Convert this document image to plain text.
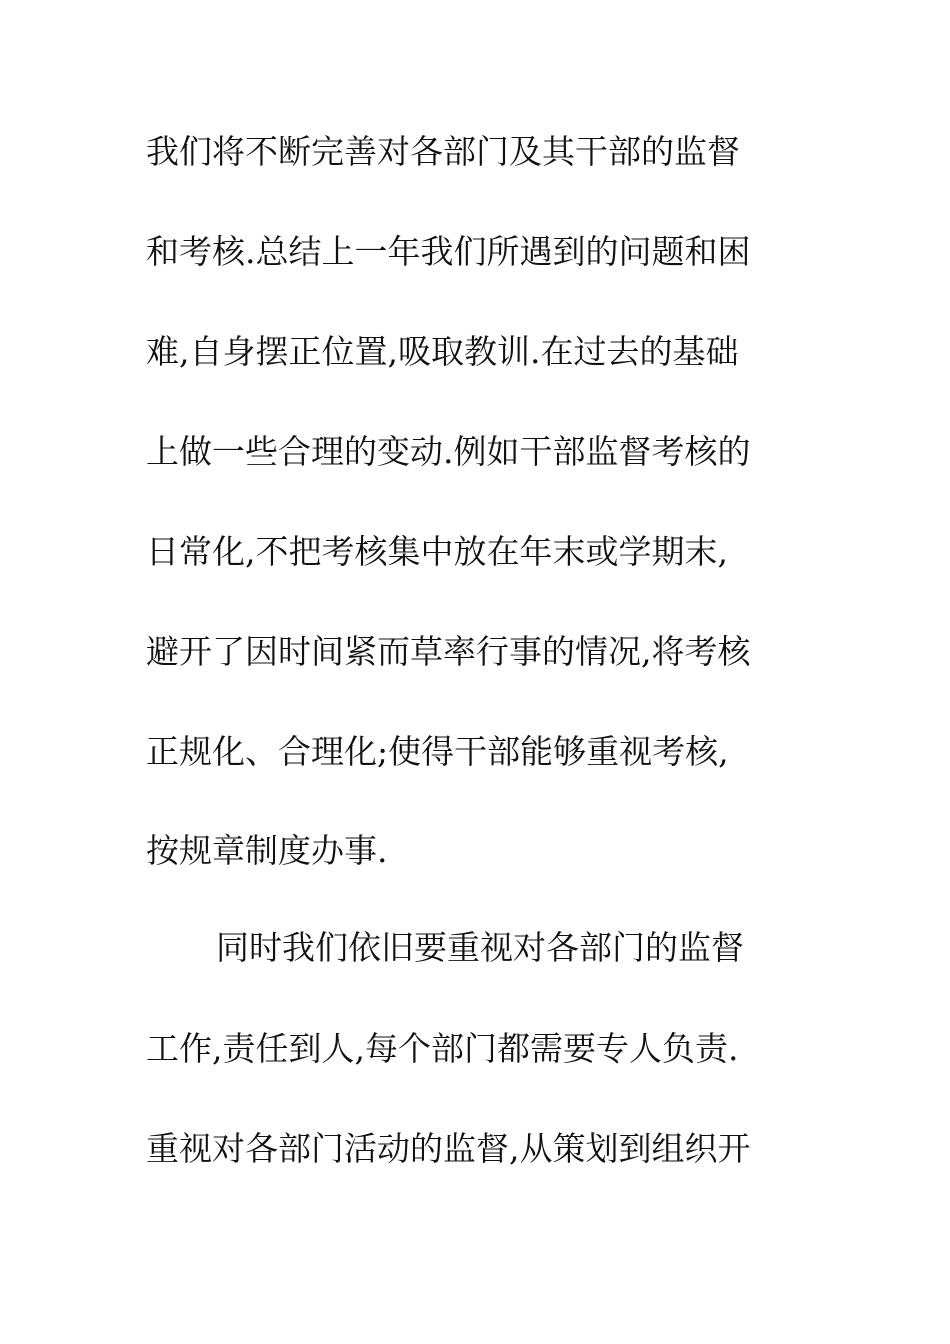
我们将不断完善对各部门及其干部的监督
和考核.总结上一年我们所遇到的问题和困
难,自身摆正位置,吸取教训.在过去的基础
上做一些合理的变动.例如干部监督考核的
日常化,不把考核集中放在年末或学期末,
避开了因时间紧而草率行事的情况,将考核
正规化、合理化;使得干部能够重视考核,
按规章制度办事.
同时我们依旧要重视对各部门的监督
工作,责任到人,每个部门都需要专人负责.
重视对各部门活动的监督,从策划到组织开
